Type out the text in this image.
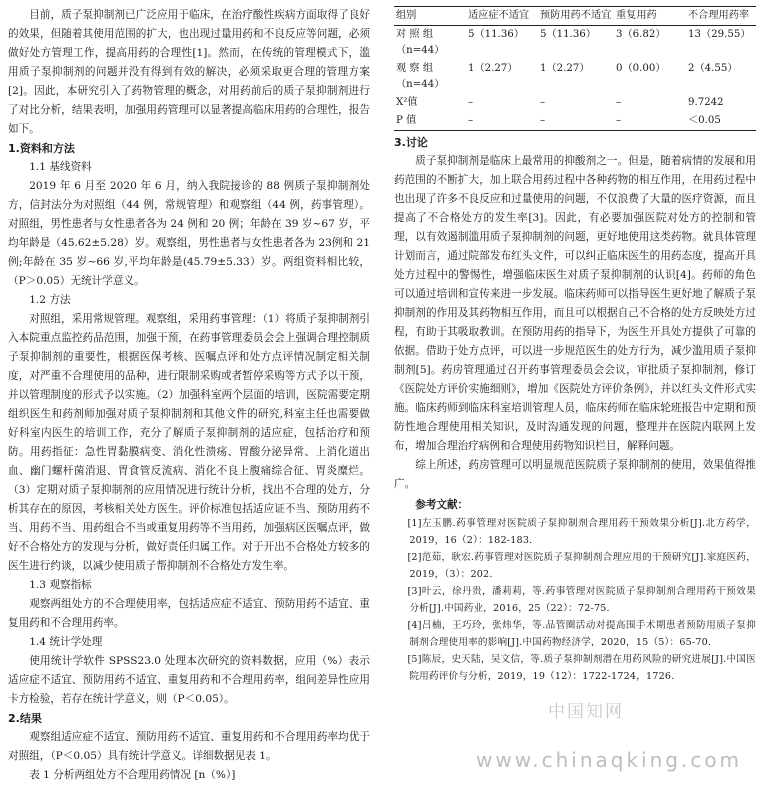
目前，质子泵抑制剂已广泛应用于临床，在治疗酸性疾病方面取得了良好的效果，但随着其使用范围的扩大，也出现过量用药和不良反应等问题，必须做好处方管理工作，提高用药的合理性[1]。然而，在传统的管理模式下，滥用质子泵抑制剂的问题并没有得到有效的解决，必须采取更合理的管理方案[2]。因此，本研究引入了药物管理的概念，对用药前后的质子泵抑制剂进行了对比分析，结果表明，加强用药管理可以显著提高临床用药的合理性，报告如下。

1.资料和方法

1.1 基线资料

2019 年 6 月至 2020 年 6 月，纳入我院接诊的 88 例质子泵抑制剂处方，信封法分为对照组（44 例，常规管理）和观察组（44 例，药事管理）。对照组，男性患者与女性患者各为 24 例和 20 例；年龄在 39 岁~67 岁，平均年龄是（45.62±5.28）岁。观察组，男性患者与女性患者各为 23例和 21 例;年龄在 35 岁~66 岁,平均年龄是(45.79±5.33）岁。两组资料相比较，（P＞0.05）无统计学意义。

1.2 方法

对照组，采用常规管理。观察组，采用药事管理：（1）将质子泵抑制剂引入本院重点监控药品范围，加强干预，在药事管理委员会会上强调合理控制质子泵抑制剂的重要性，根据医保考核、医嘱点评和处方点评情况制定相关制度，对严重不合理使用的品种，进行限制采购或者暂停采购等方式予以干预，并以管理制度的形式予以实施。（2）加强科室两个层面的培训，医院需要定期组织医生和药剂师加强对质子泵抑制剂和其他文件的研究,科室主任也需要做好科室内医生的培训工作，充分了解质子泵抑制剂的适应症，包括治疗和预防。用药指征：急性胃黏膜病变、消化性溃疡、胃酸分泌异常、上消化道出血、幽门螺杆菌消退、胃食管反流病、消化不良上腹痛综合征、胃炎糜烂。（3）定期对质子泵抑制剂的应用情况进行统计分析，找出不合理的处方，分析其存在的原因，考核相关处方医生。评价标准包括适应证不当、预防用药不当、用药不当、用药组合不当或重复用药等不当用药，加强病区医嘱点评，做好不合格处方的发现与分析，做好责任归属工作。对于开出不合格处方较多的医生进行约谈，以减少使用质子帮抑制剂不合格处方发生率。

1.3 观察指标

观察两组处方的不合理使用率，包括适应症不适宜、预防用药不适宜、重复用药和不合理用药率。

1.4 统计学处理

使用统计学软件 SPSS23.0 处理本次研究的资料数据，应用（%）表示适应症不适宜、预防用药不适宜、重复用药和不合理用药率，组间差异性应用卡方检验，若存在统计学意义，则（P＜0.05）。

2.结果

观察组适应症不适宜、预防用药不适宜、重复用药和不合理用药率均优于对照组，（P＜0.05）具有统计学意义。详细数据见表 1。

表 1 分析两组处方不合理用药情况 [n（%）]

组别	适应症不适宜	预防用药不适宜	重复用药	不合理用药率
对 照 组（n=44）	5（11.36）	5（11.36）	3（6.82）	13（29.55）
观 察 组（n=44）	1（2.27）	1（2.27）	0（0.00）	2（4.55）
X²值	–	–	–	9.7242
P 值	–	–	–	＜0.05

3.讨论

质子泵抑制剂是临床上最常用的抑酸剂之一。但是，随着病情的发展和用药范围的不断扩大，加上联合用药过程中各种药物的相互作用，在用药过程中也出现了许多不良反应和过量使用的问题，不仅浪费了大量的医疗资源，而且提高了不合格处方的发生率[3]。因此，有必要加强医院对处方的控制和管理，以有效遏制滥用质子泵抑制剂的问题，更好地使用这类药物。就具体管理计划而言，通过院部发布红头文件，可以纠正临床医生的用药态度，提高开具处方过程中的警惕性，增强临床医生对质子泵抑制剂的认识[4]。药师的角色可以通过培训和宣传来进一步发展。临床药师可以指导医生更好地了解质子泵抑制剂的作用及其药物相互作用，而且可以根据自己不合格的处方反映处方过程，有助于其吸取教训。在预防用药的指导下，为医生开具处方提供了可靠的依据。借助于处方点评，可以进一步规范医生的处方行为，减少滥用质子泵抑制剂[5]。药房管理通过召开药事管理委员会会议，审批质子泵抑制剂，修订《医院处方评价实施细则》，增加《医院处方评价条例》，并以红头文件形式实施。临床药师到临床科室培训管理人员，临床药师在临床轮班报告中定期和预防性地合理使用相关知识，及时沟通发现的问题，整理并在医院内联网上发布，增加合理治疗病例和合理使用药物知识栏目，解释问题。

综上所述，药房管理可以明显规范医院质子泵抑制剂的使用，效果值得推广。

参考文献：

[1]左玉鹏.药事管理对医院质子泵抑制剂合理用药干预效果分析[J].北方药学，2019，16（2）：182-183.

[2]范茹，耿宏.药事管理对医院质子泵抑制剂合理应用的干预研究[J].家庭医药，2019，（3）：202.

[3]叶云，徐丹贵，潘莉莉，等.药事管理对医院质子泵抑制剂合理用药干预效果分析[J].中国药业，2016，25（22）：72-75.

[4]吕楠，王巧玲，张炜华，等.品管圈活动对提高围手术期患者预防用质子泵抑制剂合理使用率的影响[J].中国药物经济学，2020，15（5）：65-70.

[5]陈辰，史天陆，吴文信，等.质子泵抑制剂潜在用药风险的研究进展[J].中国医院用药评价与分析，2019，19（12）：1722-1724，1726.

中国知网
www.chinaqking.com
